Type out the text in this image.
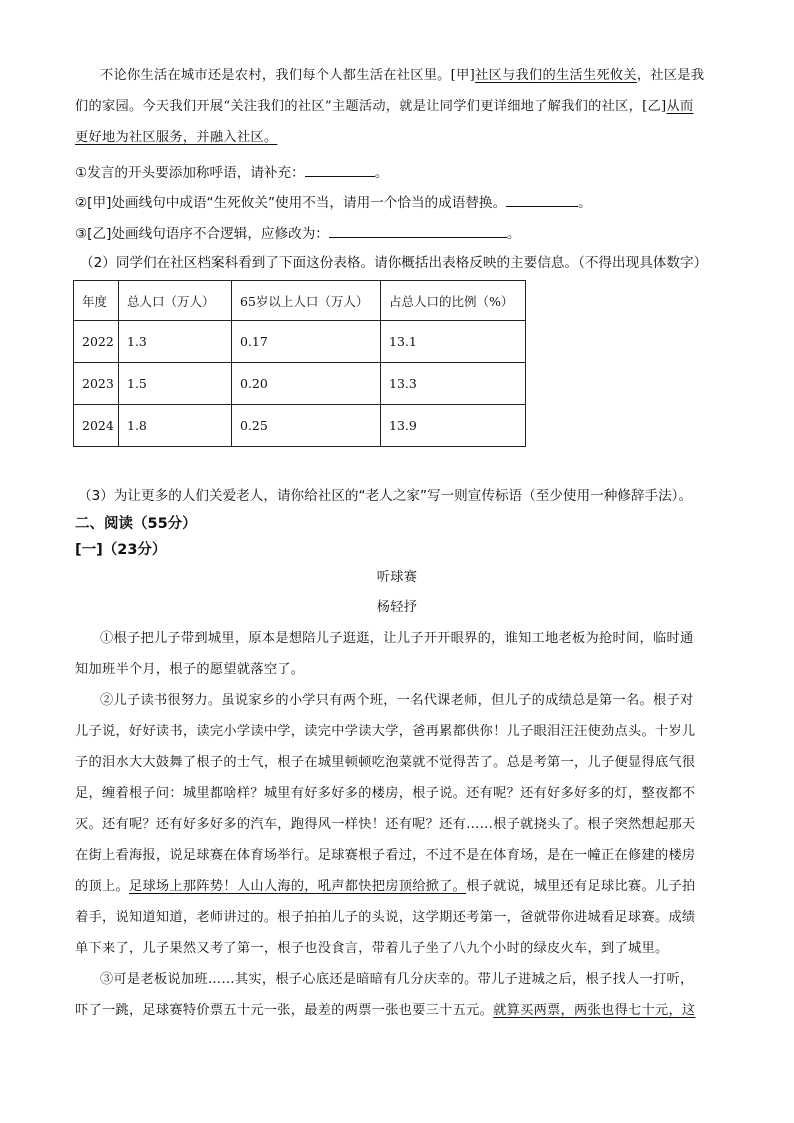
不论你生活在城市还是农村，我们每个人都生活在社区里。[甲]社区与我们的生活生死攸关，社区是我
们的家园。今天我们开展“关注我们的社区”主题活动，就是让同学们更详细地了解我们的社区，[乙]从而
更好地为社区服务，并融入社区。
①发言的开头要添加称呼语，请补充：	。
②[甲]处画线句中成语“生死攸关”使用不当，请用一个恰当的成语替换。	。
③[乙]处画线句语序不合逻辑，应修改为：	。
（2）同学们在社区档案科看到了下面这份表格。请你概括出表格反映的主要信息。（不得出现具体数字）
年度	总人口（万人）	65岁以上人口（万人）	占总人口的比例（%）
2022	1.3	0.17	13.1
2023	1.5	0.20	13.3
2024	1.8	0.25	13.9
（3）为让更多的人们关爱老人，请你给社区的“老人之家”写一则宣传标语（至少使用一种修辞手法）。
二、阅读（55分）
[一]（23分）
听球赛
杨轻抒
①根子把儿子带到城里，原本是想陪儿子逛逛，让儿子开开眼界的，谁知工地老板为抢时间，临时通
知加班半个月，根子的愿望就落空了。
②儿子读书很努力。虽说家乡的小学只有两个班，一名代课老师，但儿子的成绩总是第一名。根子对
儿子说，好好读书，读完小学读中学，读完中学读大学，爸再累都供你！儿子眼泪汪汪使劲点头。十岁儿
子的泪水大大鼓舞了根子的士气，根子在城里顿顿吃泡菜就不觉得苦了。总是考第一，儿子便显得底气很
足，缠着根子问：城里都啥样？城里有好多好多的楼房，根子说。还有呢？还有好多好多的灯，整夜都不
灭。还有呢？还有好多好多的汽车，跑得风一样快！还有呢？还有……根子就挠头了。根子突然想起那天
在街上看海报，说足球赛在体育场举行。足球赛根子看过，不过不是在体育场，是在一幢正在修建的楼房
的顶上。足球场上那阵势！人山人海的，吼声都快把房顶给掀了。根子就说，城里还有足球比赛。儿子拍
着手，说知道知道，老师讲过的。根子拍拍儿子的头说，这学期还考第一，爸就带你进城看足球赛。成绩
单下来了，儿子果然又考了第一，根子也没食言，带着儿子坐了八九个小时的绿皮火车，到了城里。
③可是老板说加班……其实，根子心底还是暗暗有几分庆幸的。带儿子进城之后，根子找人一打听，
吓了一跳，足球赛特价票五十元一张，最差的两票一张也要三十五元。就算买两票，两张也得七十元，这
